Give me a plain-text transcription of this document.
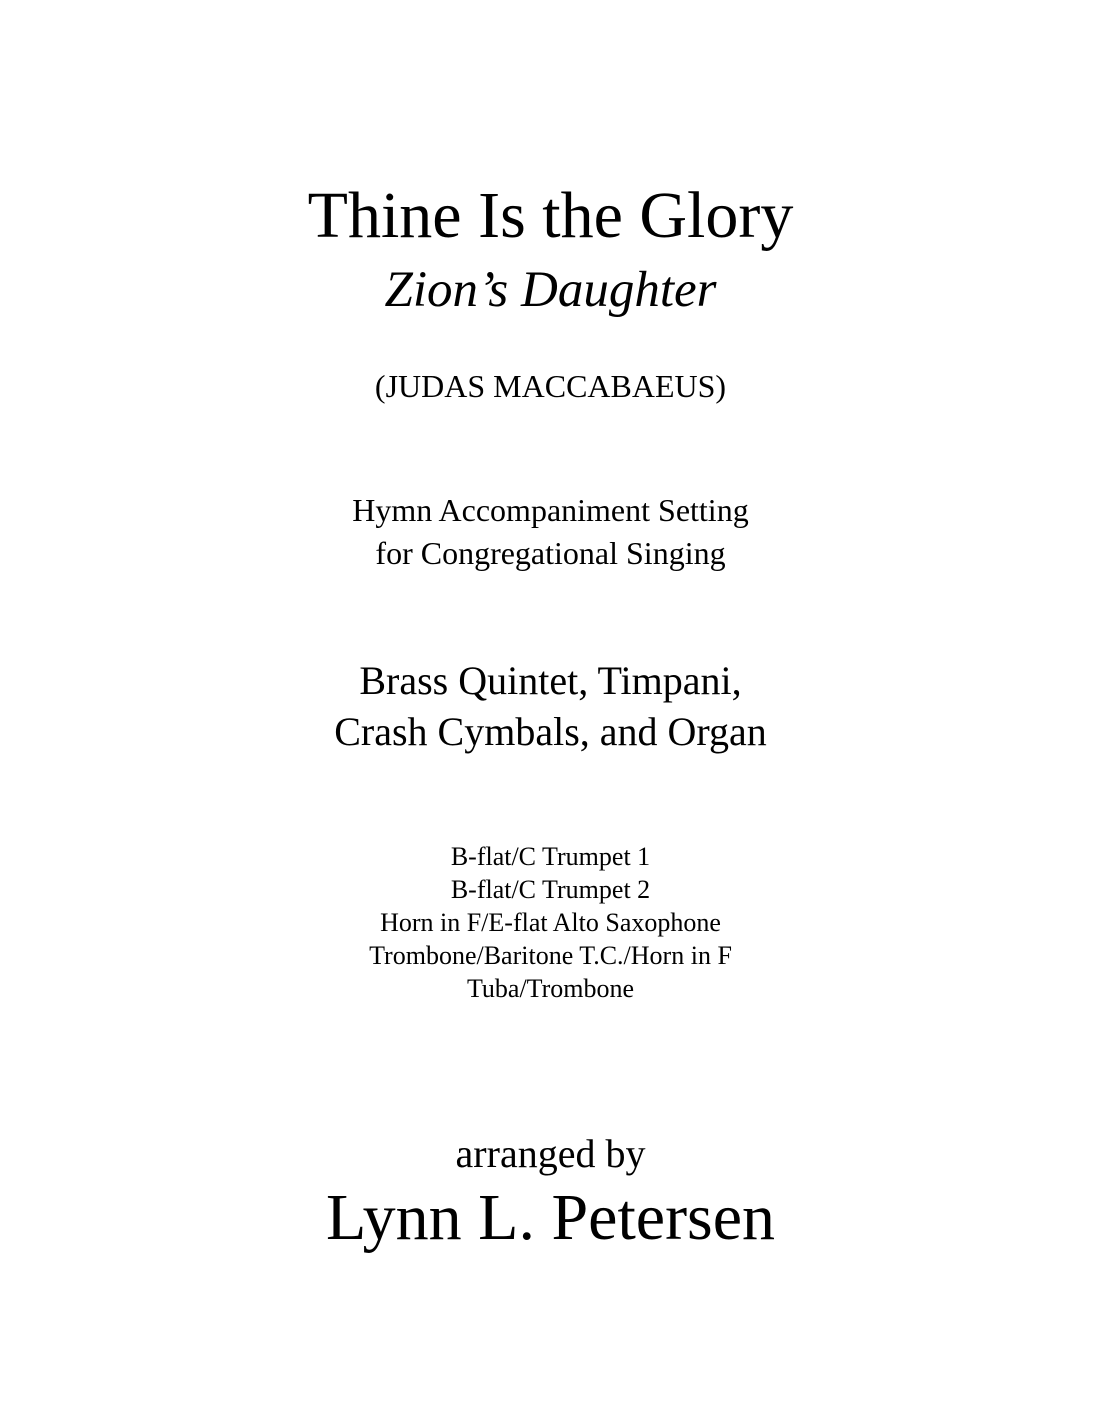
Thine Is the Glory
Zion’s Daughter
(JUDAS MACCABAEUS)
Hymn Accompaniment Setting
for Congregational Singing
Brass Quintet, Timpani,
Crash Cymbals, and Organ
B-flat/C Trumpet 1
B-flat/C Trumpet 2
Horn in F/E-flat Alto Saxophone
Trombone/Baritone T.C./Horn in F
Tuba/Trombone
arranged by
Lynn L. Petersen
